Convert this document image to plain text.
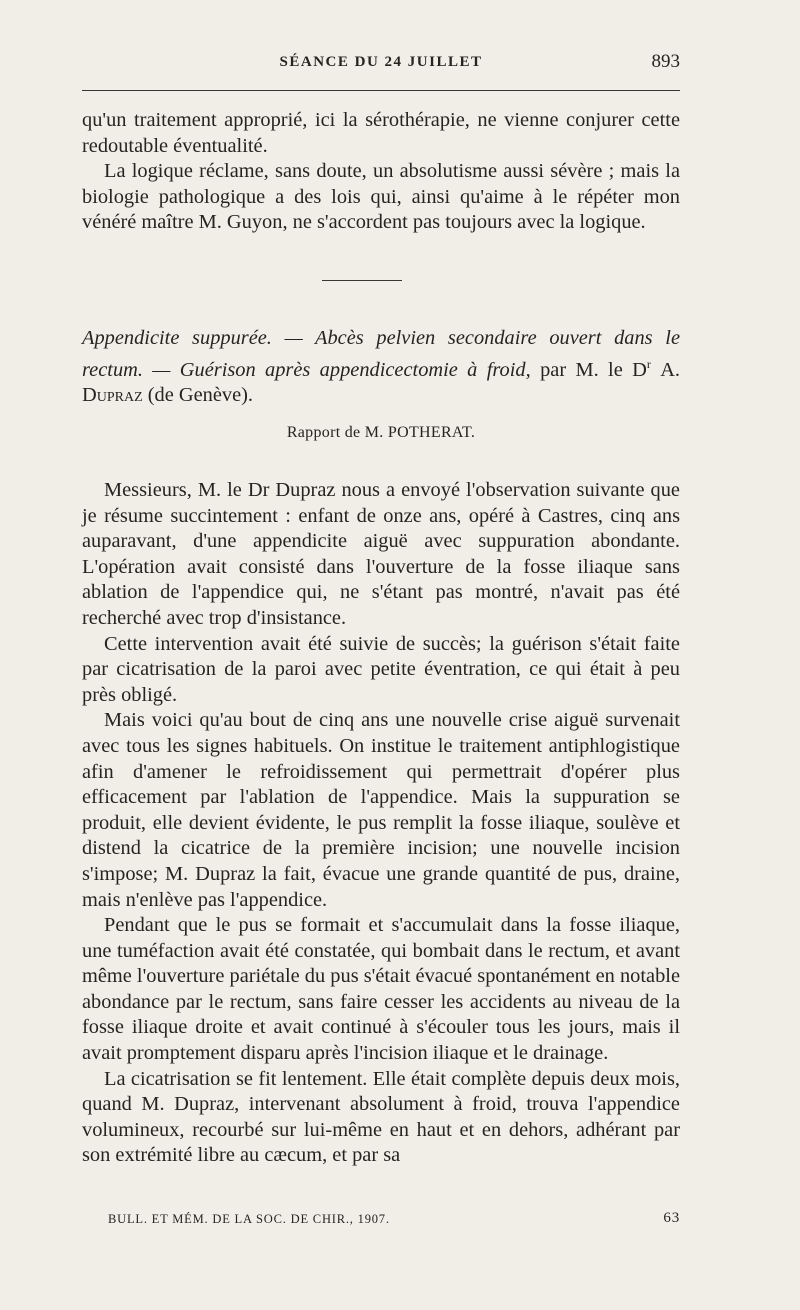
SÉANCE DU 24 JUILLET	893

qu'un traitement approprié, ici la sérothérapie, ne vienne conjurer cette redoutable éventualité.

La logique réclame, sans doute, un absolutisme aussi sévère ; mais la biologie pathologique a des lois qui, ainsi qu'aime à le répéter mon vénéré maître M. Guyon, ne s'accordent pas toujours avec la logique.

Appendicite suppurée. — Abcès pelvien secondaire ouvert dans le rectum. — Guérison après appendicectomie à froid, par M. le $D^r$ A. Dupraz (de Genève).
Rapport de M. POTHERAT.

Messieurs, M. le Dr Dupraz nous a envoyé l'observation suivante que je résume succintement : enfant de onze ans, opéré à Castres, cinq ans auparavant, d'une appendicite aiguë avec suppuration abondante. L'opération avait consisté dans l'ouverture de la fosse iliaque sans ablation de l'appendice qui, ne s'étant pas montré, n'avait pas été recherché avec trop d'insistance.

Cette intervention avait été suivie de succès; la guérison s'était faite par cicatrisation de la paroi avec petite éventration, ce qui était à peu près obligé.

Mais voici qu'au bout de cinq ans une nouvelle crise aiguë survenait avec tous les signes habituels. On institue le traitement antiphlogistique afin d'amener le refroidissement qui permettrait d'opérer plus efficacement par l'ablation de l'appendice. Mais la suppuration se produit, elle devient évidente, le pus remplit la fosse iliaque, soulève et distend la cicatrice de la première incision; une nouvelle incision s'impose; M. Dupraz la fait, évacue une grande quantité de pus, draine, mais n'enlève pas l'appendice.

Pendant que le pus se formait et s'accumulait dans la fosse iliaque, une tuméfaction avait été constatée, qui bombait dans le rectum, et avant même l'ouverture pariétale du pus s'était évacué spontanément en notable abondance par le rectum, sans faire cesser les accidents au niveau de la fosse iliaque droite et avait continué à s'écouler tous les jours, mais il avait promptement disparu après l'incision iliaque et le drainage.

La cicatrisation se fit lentement. Elle était complète depuis deux mois, quand M. Dupraz, intervenant absolument à froid, trouva l'appendice volumineux, recourbé sur lui-même en haut et en dehors, adhérant par son extrémité libre au cæcum, et par sa

BULL. ET MÉM. DE LA SOC. DE CHIR., 1907.	63
